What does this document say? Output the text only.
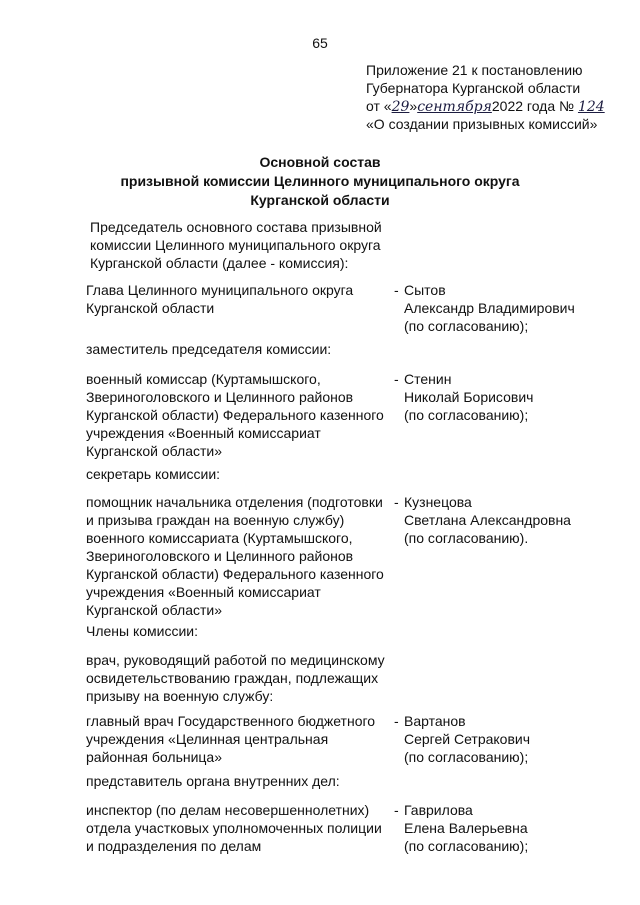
65
Приложение 21 к постановлению
Губернатора Курганской области
от «29»сентября2022 года № 124
«О создании призывных комиссий»
Основной состав
призывной комиссии Целинного муниципального округа
Курганской области
Председатель основного состава призывной
комиссии Целинного муниципального округа
Курганской области (далее - комиссия):
Глава Целинного муниципального округа
Курганской области
- Сытов
Александр Владимирович
(по согласованию);
заместитель председателя комиссии:
военный комиссар (Куртамышского,
Звериноголовского и Целинного районов
Курганской области) Федерального казенного
учреждения «Военный комиссариат
Курганской области»
- Стенин
Николай Борисович
(по согласованию);
секретарь комиссии:
помощник начальника отделения (подготовки
и призыва граждан на военную службу)
военного комиссариата (Куртамышского,
Звериноголовского и Целинного районов
Курганской области) Федерального казенного
учреждения «Военный комиссариат
Курганской области»
- Кузнецова
Светлана Александровна
(по согласованию).
Члены комиссии:
врач, руководящий работой по медицинскому
освидетельствованию граждан, подлежащих
призыву на военную службу:
главный врач Государственного бюджетного
учреждения «Целинная центральная
районная больница»
- Вартанов
Сергей Сетракович
(по согласованию);
представитель органа внутренних дел:
инспектор (по делам несовершеннолетних)
отдела участковых уполномоченных полиции
и подразделения по делам
- Гаврилова
Елена Валерьевна
(по согласованию);
